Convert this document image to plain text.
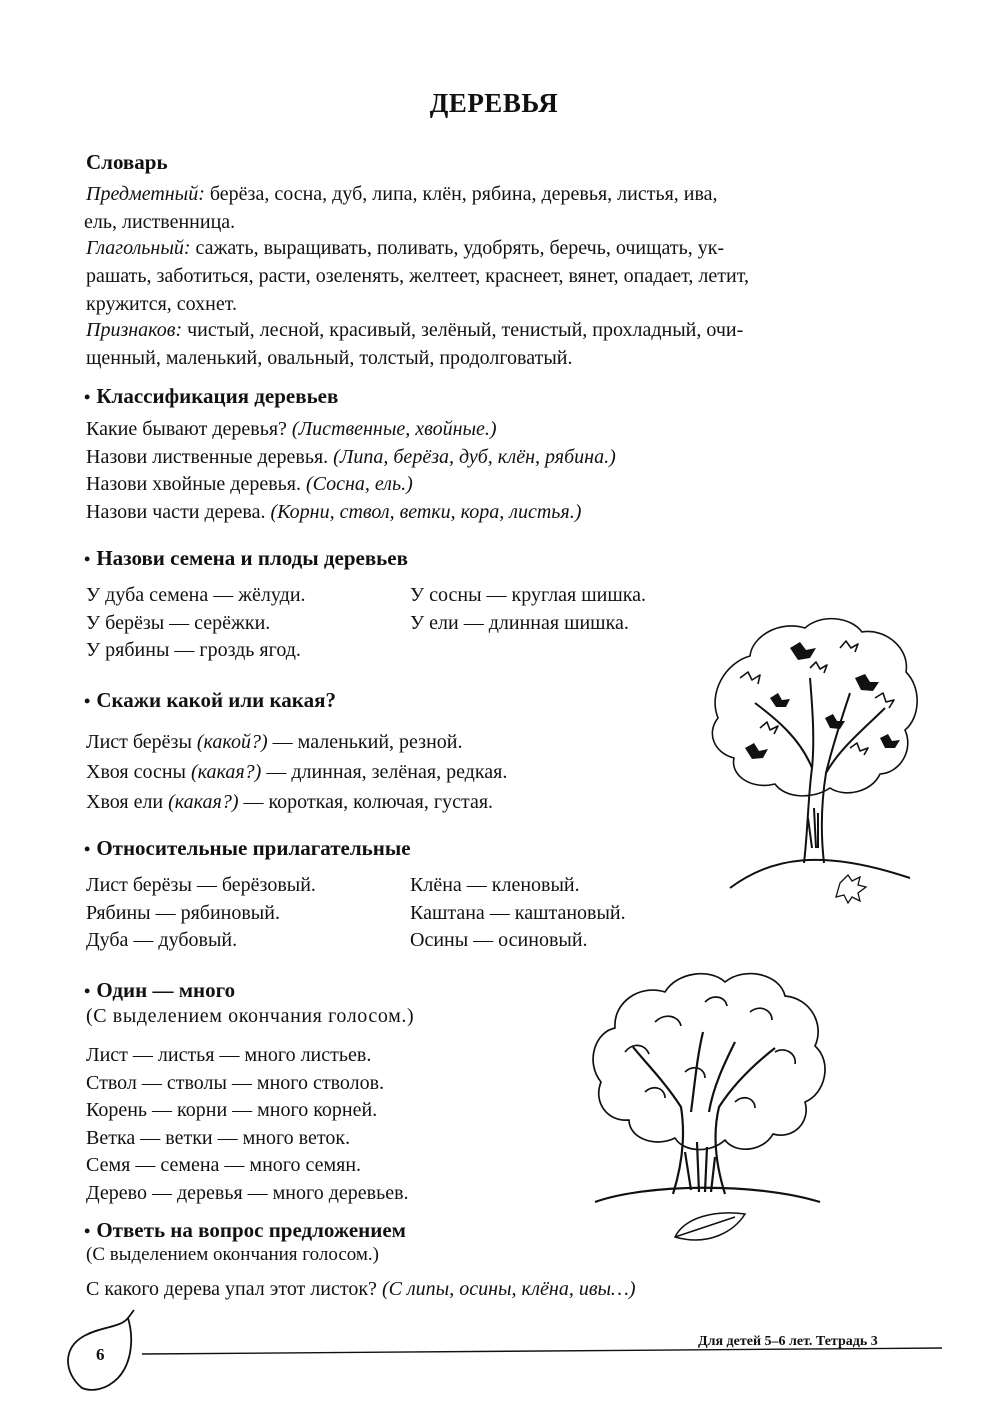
ДЕРЕВЬЯ
Словарь
Предметный: берёза, сосна, дуб, липа, клён, рябина, деревья, листья, ива,
ель, лиственница.
Глагольный: сажать, выращивать, поливать, удобрять, беречь, очищать, ук-
рашать, заботиться, расти, озеленять, желтеет, краснеет, вянет, опадает, летит,
кружится, сохнет.
Признаков: чистый, лесной, красивый, зелёный, тенистый, прохладный, очи-
щенный, маленький, овальный, толстый, продолговатый.
• Классификация деревьев
Какие бывают деревья? (Лиственные, хвойные.)
Назови лиственные деревья. (Липа, берёза, дуб, клён, рябина.)
Назови хвойные деревья. (Сосна, ель.)
Назови части дерева. (Корни, ствол, ветки, кора, листья.)
• Назови семена и плоды деревьев
У дуба семена — жёлуди.
У берёзы — серёжки.
У рябины — гроздь ягод.
У сосны — круглая шишка.
У ели — длинная шишка.
• Скажи какой или какая?
Лист берёзы (какой?) — маленький, резной.
Хвоя сосны (какая?) — длинная, зелёная, редкая.
Хвоя ели (какая?) — короткая, колючая, густая.
• Относительные прилагательные
Лист берёзы — берёзовый.
Рябины — рябиновый.
Дуба — дубовый.
Клёна — кленовый.
Каштана — каштановый.
Осины — осиновый.
• Один — много
(С выделением окончания голосом.)
Лист — листья — много листьев.
Ствол — стволы — много стволов.
Корень — корни — много корней.
Ветка — ветки — много веток.
Семя — семена — много семян.
Дерево — деревья — много деревьев.
• Ответь на вопрос предложением
(С выделением окончания голосом.)
С какого дерева упал этот листок? (С липы, осины, клёна, ивы…)
6
Для детей 5–6 лет. Тетрадь 3
